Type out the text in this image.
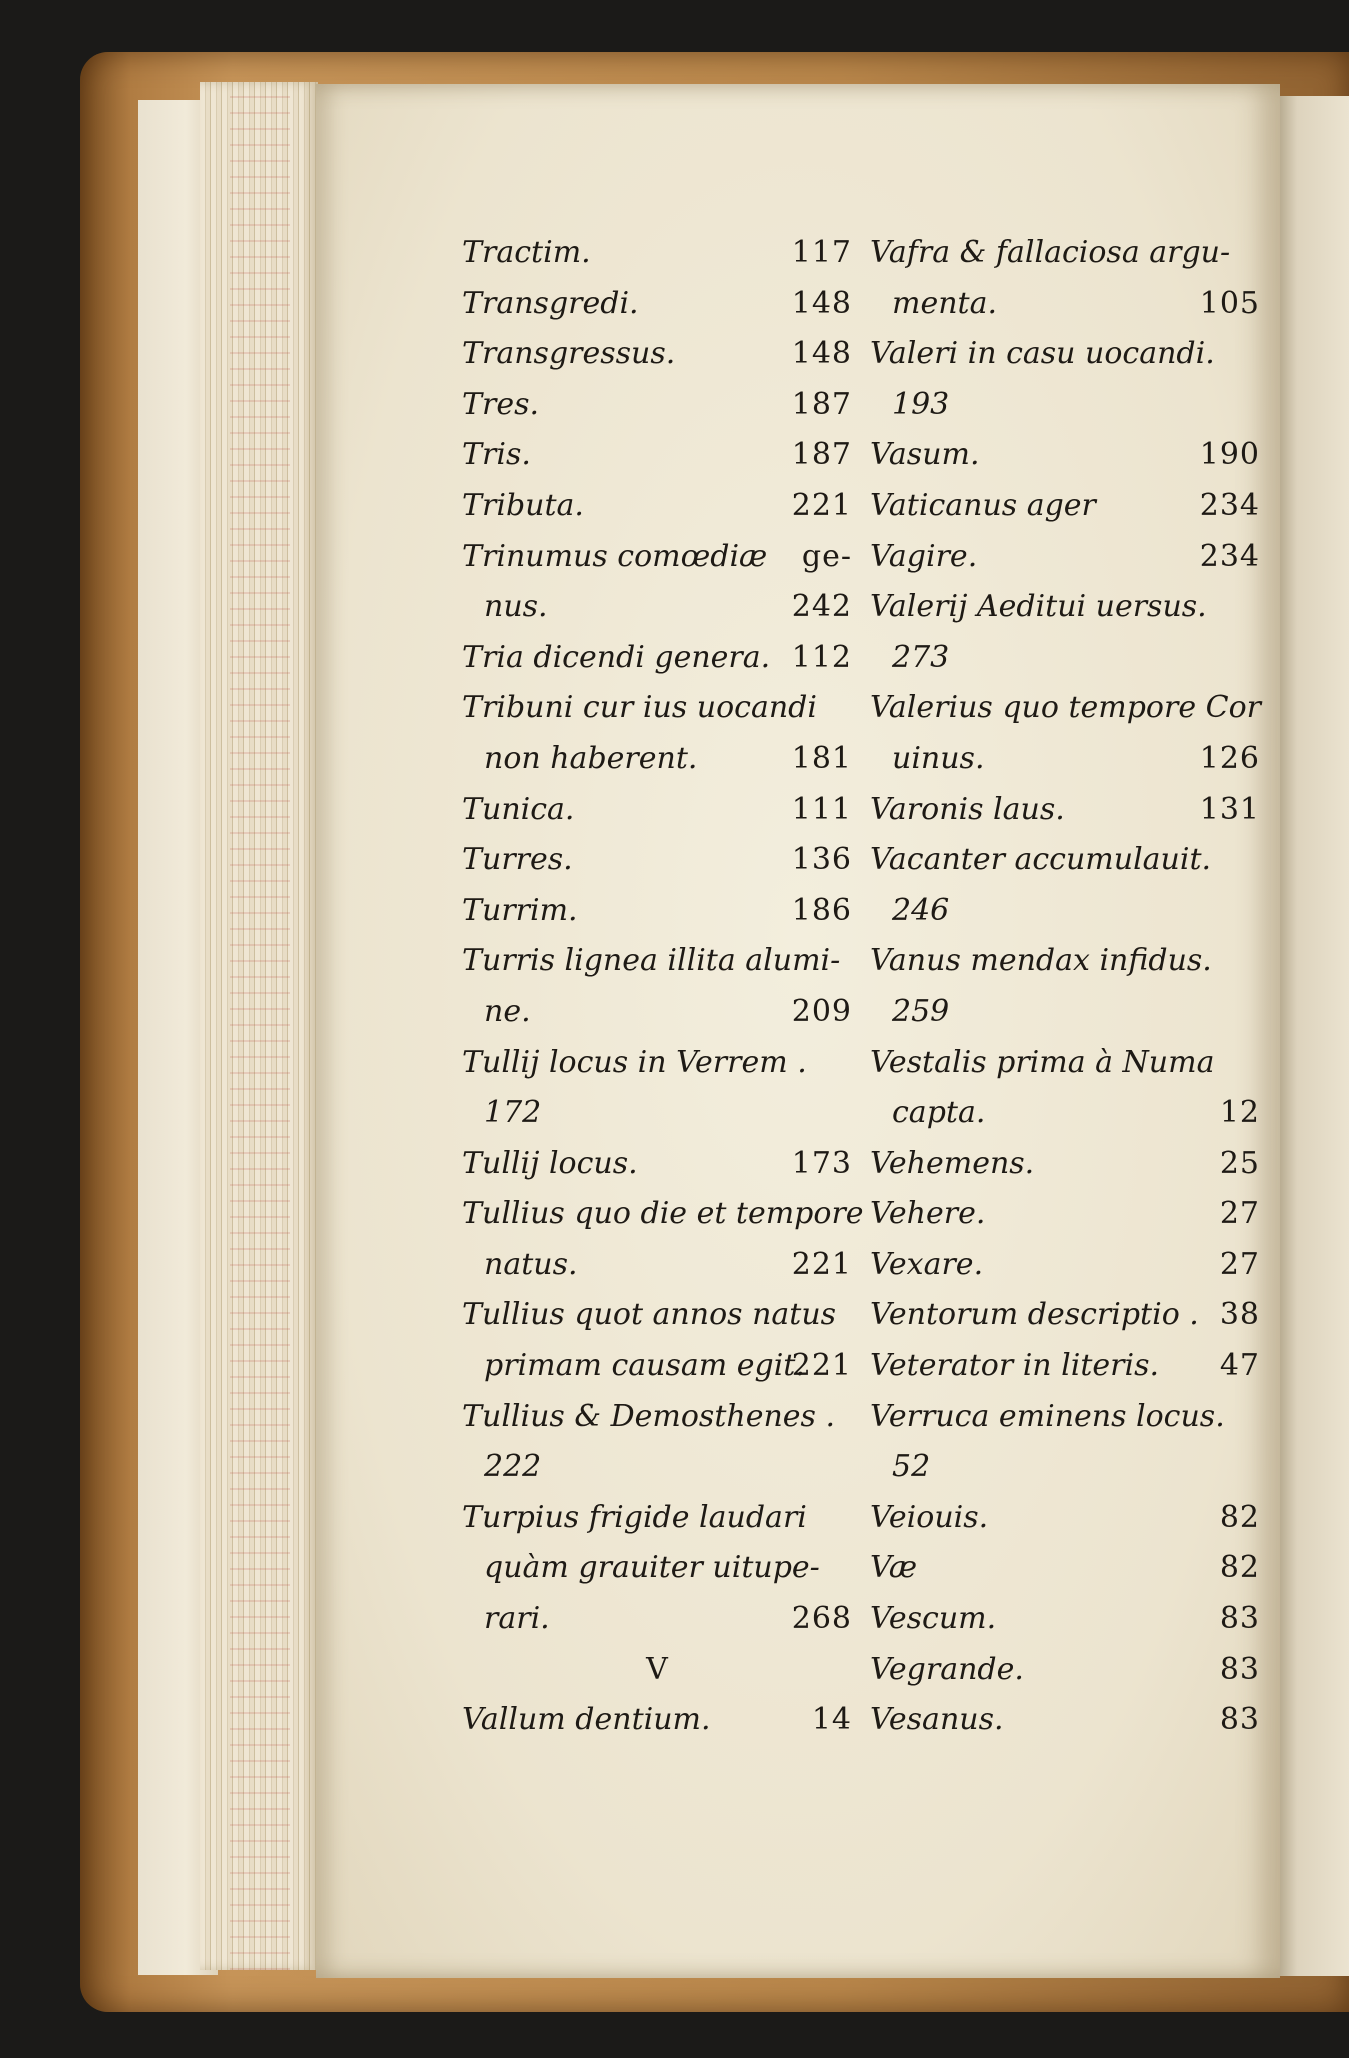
Tractim.	117
Transgredi.	148
Transgressus.	148
Tres.	187
Tris.	187
Tributa.	221
Trinumus comœdiæ ge-
nus.	242
Tria dicendi genera. 112
Tribuni cur ius uocandi
non haberent.	181
Tunica.	111
Turres.	136
Turrim.	186
Turris lignea illita alumi-
ne.	209
Tullij locus in Verrem .
172
Tullij locus.	173
Tullius quo die et tempore
natus.	221
Tullius quot annos natus
primam causam egit.
221
Tullius & Demosthenes .
222
Turpius frigide laudari
quàm grauiter uitupe-
rari.	268
V
Vallum dentium.	14
Vafra & fallaciosa argu-
menta.	105
Valeri in casu uocandi.
193
Vasum.	190
Vaticanus ager	234
Vagire.	234
Valerij Aeditui uersus.
273
Valerius quo tempore Cor
uinus.	126
Varonis laus.	131
Vacanter accumulauit.
246
Vanus mendax infidus.
259
Vestalis prima à Numa
capta.	12
Vehemens.	25
Vehere.	27
Vexare.	27
Ventorum descriptio . 38
Veterator in literis. 47
Verruca eminens locus.
52
Veiouis.	82
Væ	82
Vescum.	83
Vegrande.	83
Vesanus.	83
